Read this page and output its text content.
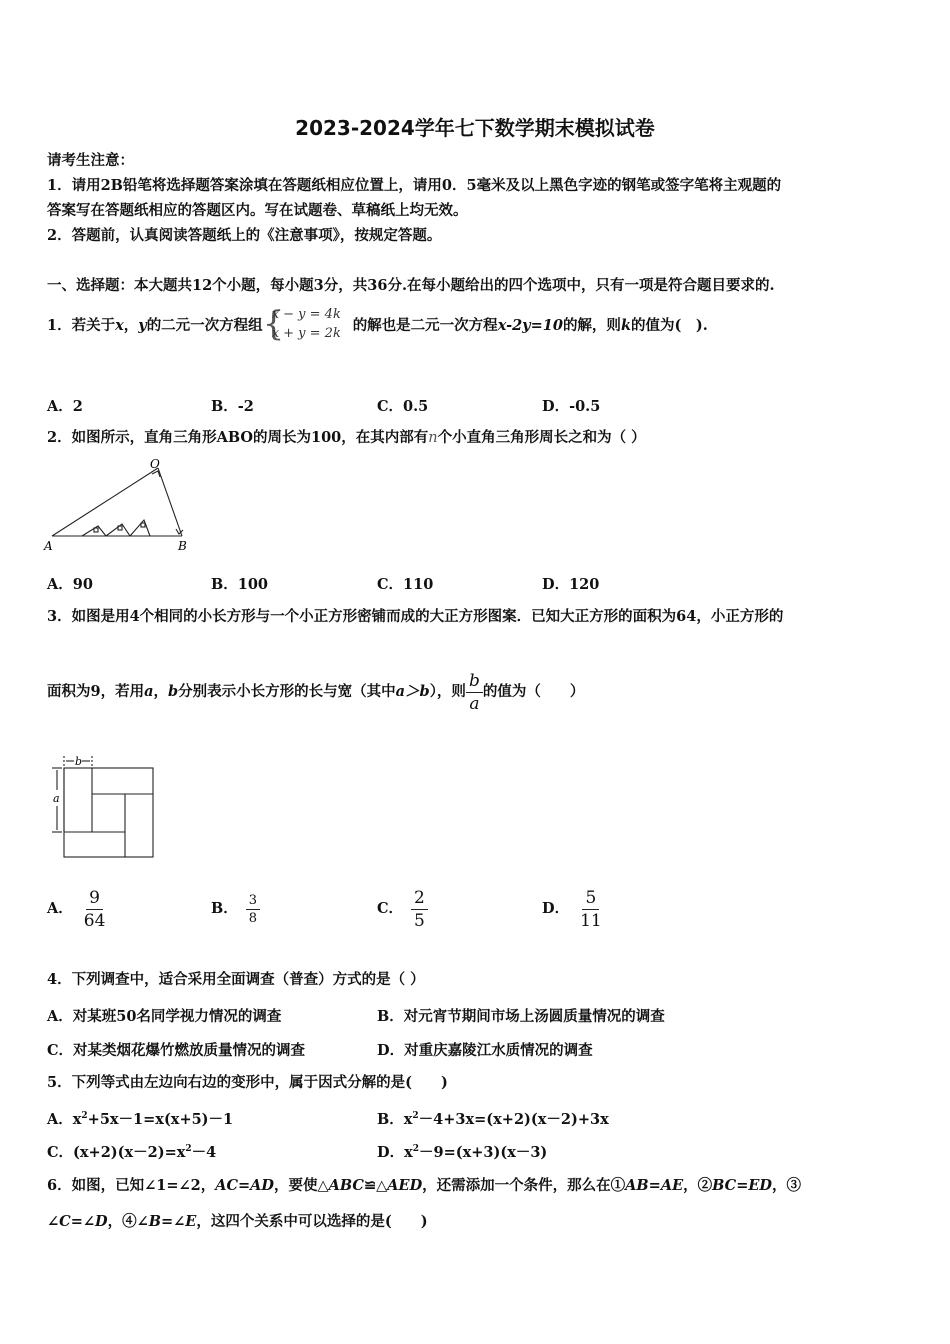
2023-2024学年七下数学期末模拟试卷
请考生注意：
1．请用2B铅笔将选择题答案涂填在答题纸相应位置上，请用0．5毫米及以上黑色字迹的钢笔或签字笔将主观题的
答案写在答题纸相应的答题区内。写在试题卷、草稿纸上均无效。
2．答题前，认真阅读答题纸上的《注意事项》，按规定答题。
一、选择题：本大题共12个小题，每小题3分，共36分.在每小题给出的四个选项中，只有一项是符合题目要求的.
1．若关于x，y的二元一次方程组 {
x − y = 4k
x + y = 2k 的解也是二元一次方程x-2y=10的解，则k的值为(　).
A．2	B．-2	C．0.5	D．-0.5
2．如图所示，直角三角形ABO的周长为100，在其内部有n个小直角三角形周长之和为（ ）
O
A	B
A．90	B．100	C．110	D．120
3．如图是用4个相同的小长方形与一个小正方形密铺而成的大正方形图案．已知大正方形的面积为64，小正方形的
面积为9，若用a，b分别表示小长方形的长与宽（其中a＞b），则 $\frac{b}{a}$ 的值为（　　）
b
a
A． $\frac{9}{64}$	B． $\frac{3}{8}$	C． $\frac{2}{5}$	D． $\frac{5}{11}$
4．下列调查中，适合采用全面调查（普查）方式的是（ ）
A．对某班50名同学视力情况的调查	B．对元宵节期间市场上汤圆质量情况的调查
C．对某类烟花爆竹燃放质量情况的调查	D．对重庆嘉陵江水质情况的调查
5．下列等式由左边向右边的变形中，属于因式分解的是(　　)
A．$x^2+5x-1=x(x+5)-1$	B．$x^2-4+3x=(x+2)(x-2)+3x$
C．$(x+2)(x-2)=x^2-4$	D．$x^2-9=(x+3)(x-3)$
6．如图，已知∠1=∠2，AC=AD，要使△ABC≌△AED，还需添加一个条件，那么在①AB=AE，②BC=ED，③
∠C=∠D，④∠B=∠E，这四个关系中可以选择的是(　　)
